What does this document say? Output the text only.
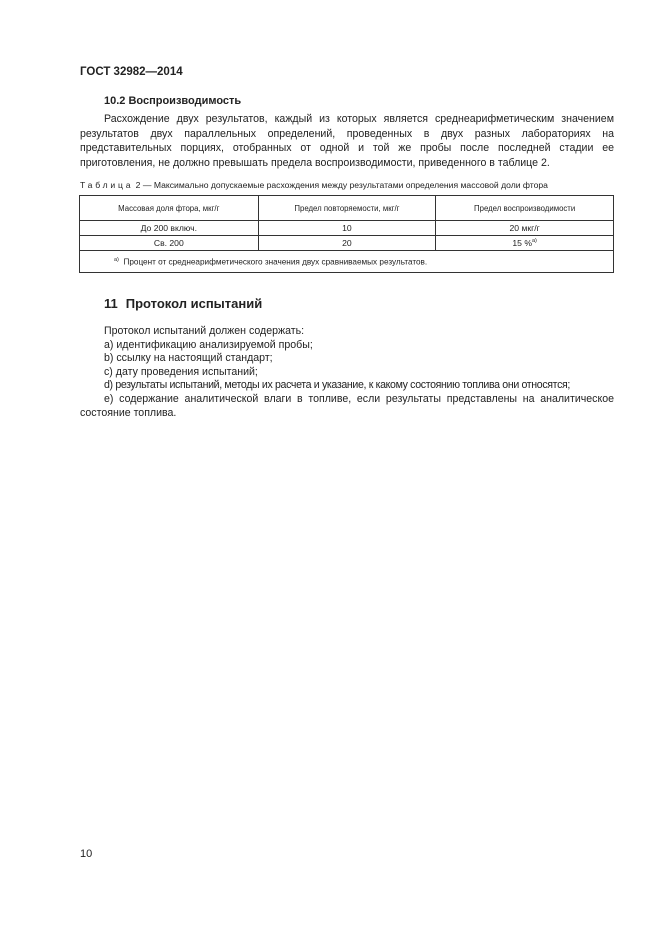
ГОСТ 32982—2014
10.2 Воспроизводимость
Расхождение двух результатов, каждый из которых является среднеарифметическим значением результатов двух параллельных определений, проведенных в двух разных лабораториях на представительных порциях, отобранных от одной и той же пробы после последней стадии ее приготовления, не должно превышать предела воспроизводимости, приведенного в таблице 2.
Таблица 2 — Максимально допускаемые расхождения между результатами определения массовой доли фтора
Массовая доля фтора, мкг/г	Предел повторяемости, мкг/г	Предел воспроизводимости
До 200 включ.	10	20 мкг/г
Св. 200	20	15 %$^{а)}$
$^{а)}$ Процент от среднеарифметического значения двух сравниваемых результатов.		
11 Протокол испытаний
Протокол испытаний должен содержать:
a) идентификацию анализируемой пробы;
b) ссылку на настоящий стандарт;
c) дату проведения испытаний;
d) результаты испытаний, методы их расчета и указание, к какому состоянию топлива они относятся;
e) содержание аналитической влаги в топливе, если результаты представлены на аналитическое состояние топлива.
10
